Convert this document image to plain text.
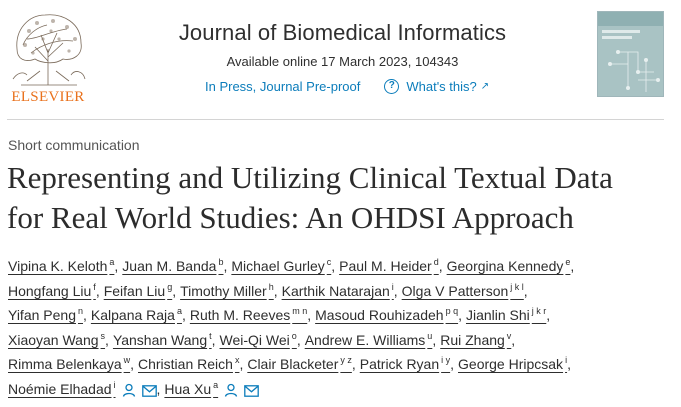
ELSEVIER
Journal of Biomedical Informatics
Available online 17 March 2023, 104343
In Press, Journal Pre-proof	? What's this? ↗
Short communication
Representing and Utilizing Clinical Textual Data
for Real World Studies: An OHDSI Approach
Vipina K. Keloth $^a$, Juan M. Banda $^b$, Michael Gurley $^c$, Paul M. Heider $^d$, Georgina Kennedy $^e$,
Hongfang Liu $^f$, Feifan Liu $^g$, Timothy Miller $^h$, Karthik Natarajan $^i$, Olga V Patterson $^{j k l}$,
Yifan Peng $^n$, Kalpana Raja $^a$, Ruth M. Reeves $^{m n}$, Masoud Rouhizadeh $^{p q}$, Jianlin Shi $^{j k r}$,
Xiaoyan Wang $^s$, Yanshan Wang $^t$, Wei-Qi Wei $^o$, Andrew E. Williams $^u$, Rui Zhang $^v$,
Rimma Belenkaya $^w$, Christian Reich $^x$, Clair Blacketer $^{y z}$, Patrick Ryan $^{i y}$, George Hripcsak $^i$,
Noémie Elhadad $^i$	, Hua Xu $^a$
